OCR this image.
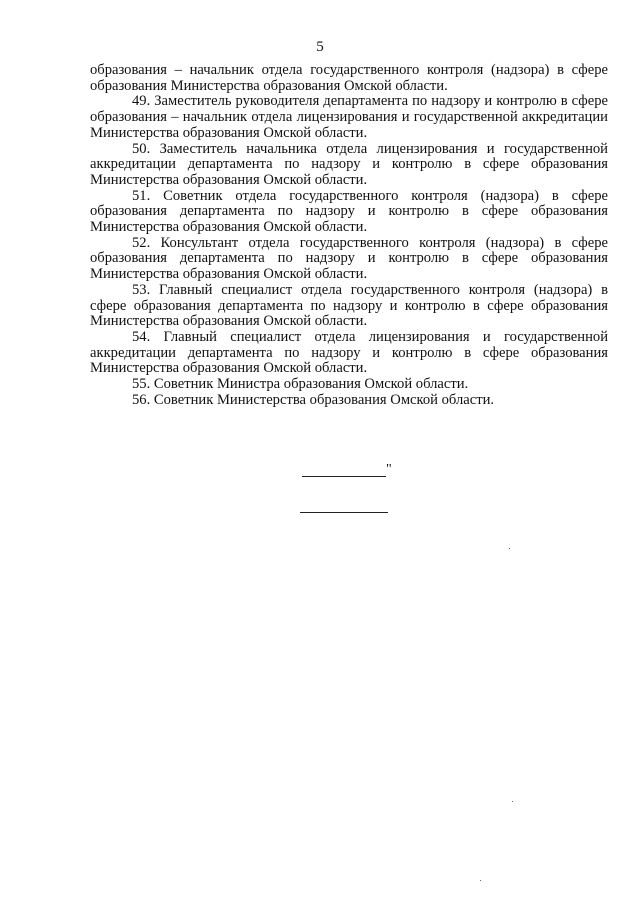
5

образования – начальник отдела государственного контроля (надзора) в сфере образования Министерства образования Омской области.

49. Заместитель руководителя департамента по надзору и контролю в сфере образования – начальник отдела лицензирования и государственной аккредитации Министерства образования Омской области.

50. Заместитель начальника отдела лицензирования и государственной аккредитации департамента по надзору и контролю в сфере образования Министерства образования Омской области.

51. Советник отдела государственного контроля (надзора) в сфере образования департамента по надзору и контролю в сфере образования Министерства образования Омской области.

52. Консультант отдела государственного контроля (надзора) в сфере образования департамента по надзору и контролю в сфере образования Министерства образования Омской области.

53. Главный специалист отдела государственного контроля (надзора) в сфере образования департамента по надзору и контролю в сфере образования Министерства образования Омской области.

54. Главный специалист отдела лицензирования и государственной аккредитации департамента по надзору и контролю в сфере образования Министерства образования Омской области.

55. Советник Министра образования Омской области.

56. Советник Министерства образования Омской области.

"
